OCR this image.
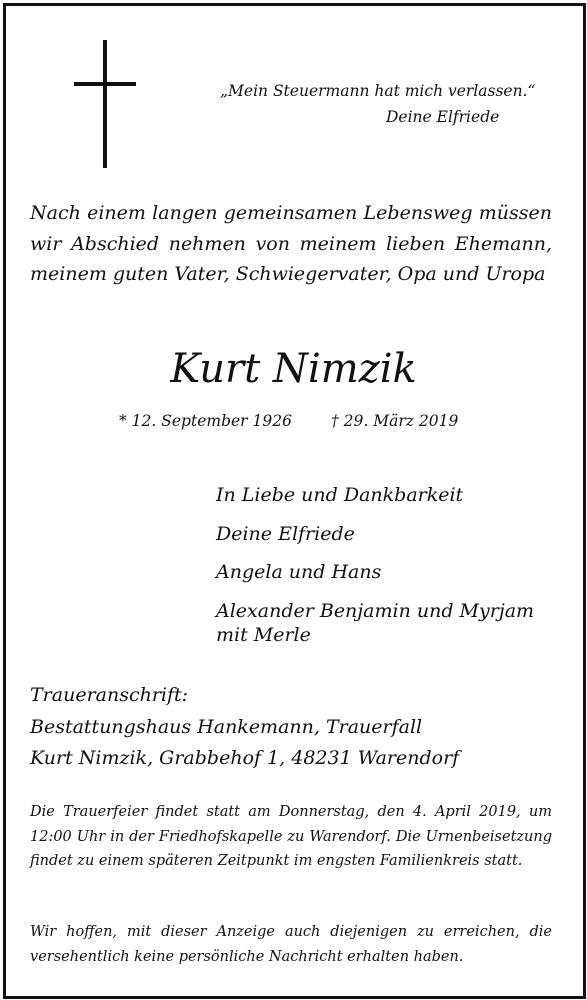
„Mein Steuermann hat mich verlassen.“
Deine Elfriede
Nach einem langen gemeinsamen Lebensweg müssen wir Abschied nehmen von meinem lieben Ehemann, meinem guten Vater, Schwiegervater, Opa und Uropa
Kurt Nimzik
* 12. September 1926	† 29. März 2019
In Liebe und Dankbarkeit
Deine Elfriede
Angela und Hans
Alexander Benjamin und Myrjam
mit Merle
Traueranschrift:
Bestattungshaus Hankemann, Trauerfall
Kurt Nimzik, Grabbehof 1, 48231 Warendorf
Die Trauerfeier findet statt am Donnerstag, den 4. April 2019, um 12:00 Uhr in der Friedhofskapelle zu Warendorf. Die Urnenbeisetzung findet zu einem späteren Zeitpunkt im engsten Familienkreis statt.
Wir hoffen, mit dieser Anzeige auch diejenigen zu erreichen, die versehentlich keine persönliche Nachricht erhalten haben.
